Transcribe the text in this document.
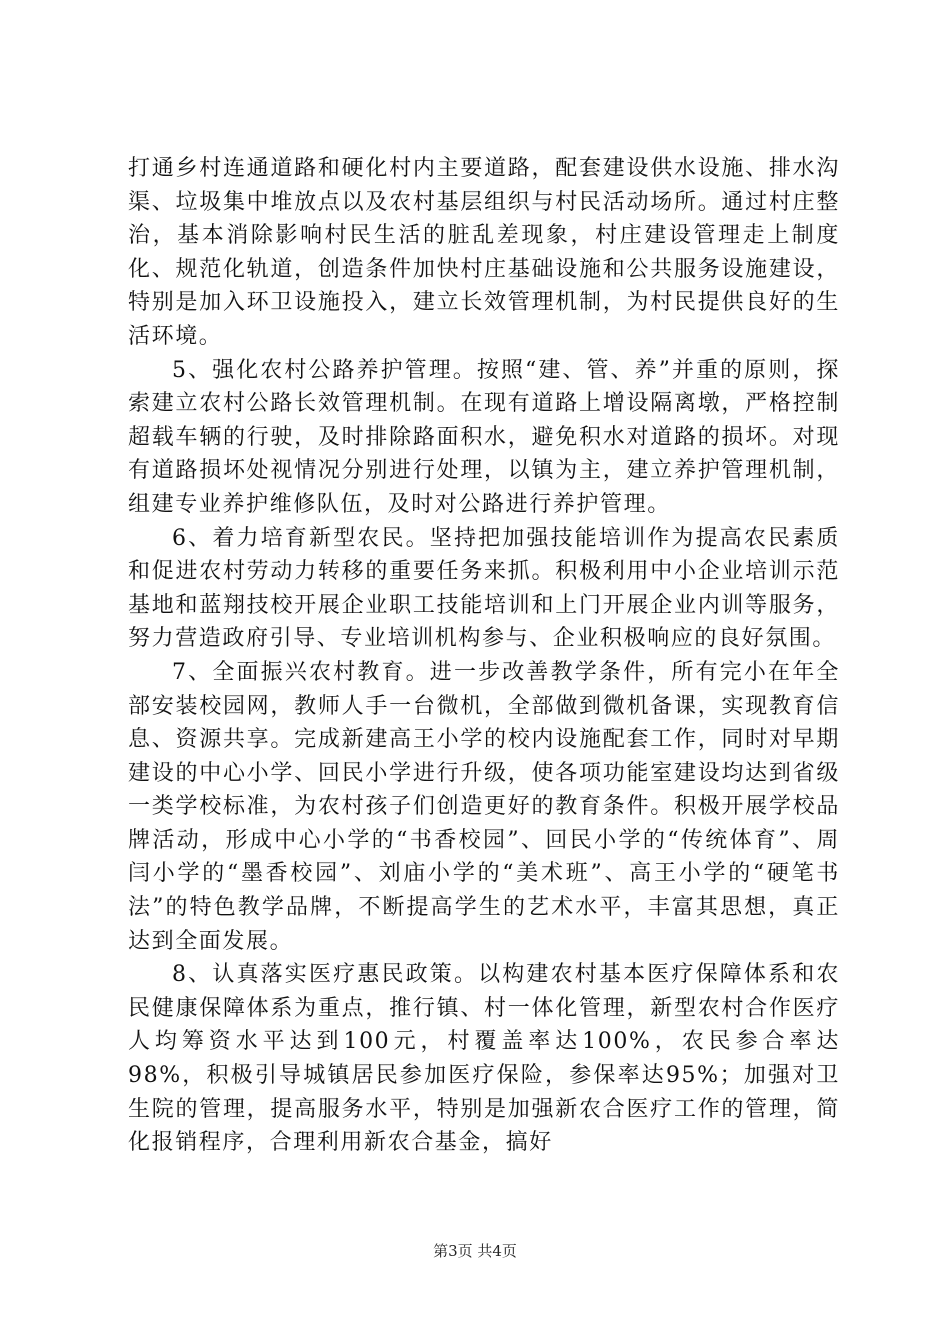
打通乡村连通道路和硬化村内主要道路，配套建设供水设施、排水沟渠、垃圾集中堆放点以及农村基层组织与村民活动场所。通过村庄整治，基本消除影响村民生活的脏乱差现象，村庄建设管理走上制度化、规范化轨道，创造条件加快村庄基础设施和公共服务设施建设，特别是加入环卫设施投入，建立长效管理机制，为村民提供良好的生活环境。

5、强化农村公路养护管理。按照“建、管、养”并重的原则，探索建立农村公路长效管理机制。在现有道路上增设隔离墩，严格控制超载车辆的行驶，及时排除路面积水，避免积水对道路的损坏。对现有道路损坏处视情况分别进行处理，以镇为主，建立养护管理机制，组建专业养护维修队伍，及时对公路进行养护管理。

6、着力培育新型农民。坚持把加强技能培训作为提高农民素质和促进农村劳动力转移的重要任务来抓。积极利用中小企业培训示范基地和蓝翔技校开展企业职工技能培训和上门开展企业内训等服务，努力营造政府引导、专业培训机构参与、企业积极响应的良好氛围。

7、全面振兴农村教育。进一步改善教学条件，所有完小在年全部安装校园网，教师人手一台微机，全部做到微机备课，实现教育信息、资源共享。完成新建高王小学的校内设施配套工作，同时对早期建设的中心小学、回民小学进行升级，使各项功能室建设均达到省级一类学校标准，为农村孩子们创造更好的教育条件。积极开展学校品牌活动，形成中心小学的“书香校园”、回民小学的“传统体育”、周闫小学的“墨香校园”、刘庙小学的“美术班”、高王小学的“硬笔书法”的特色教学品牌，不断提高学生的艺术水平，丰富其思想，真正达到全面发展。

8、认真落实医疗惠民政策。以构建农村基本医疗保障体系和农民健康保障体系为重点，推行镇、村一体化管理，新型农村合作医疗人均筹资水平达到100元，村覆盖率达100%，农民参合率达98%，积极引导城镇居民参加医疗保险，参保率达95%；加强对卫生院的管理，提高服务水平，特别是加强新农合医疗工作的管理，简化报销程序，合理利用新农合基金，搞好

第3页 共4页
